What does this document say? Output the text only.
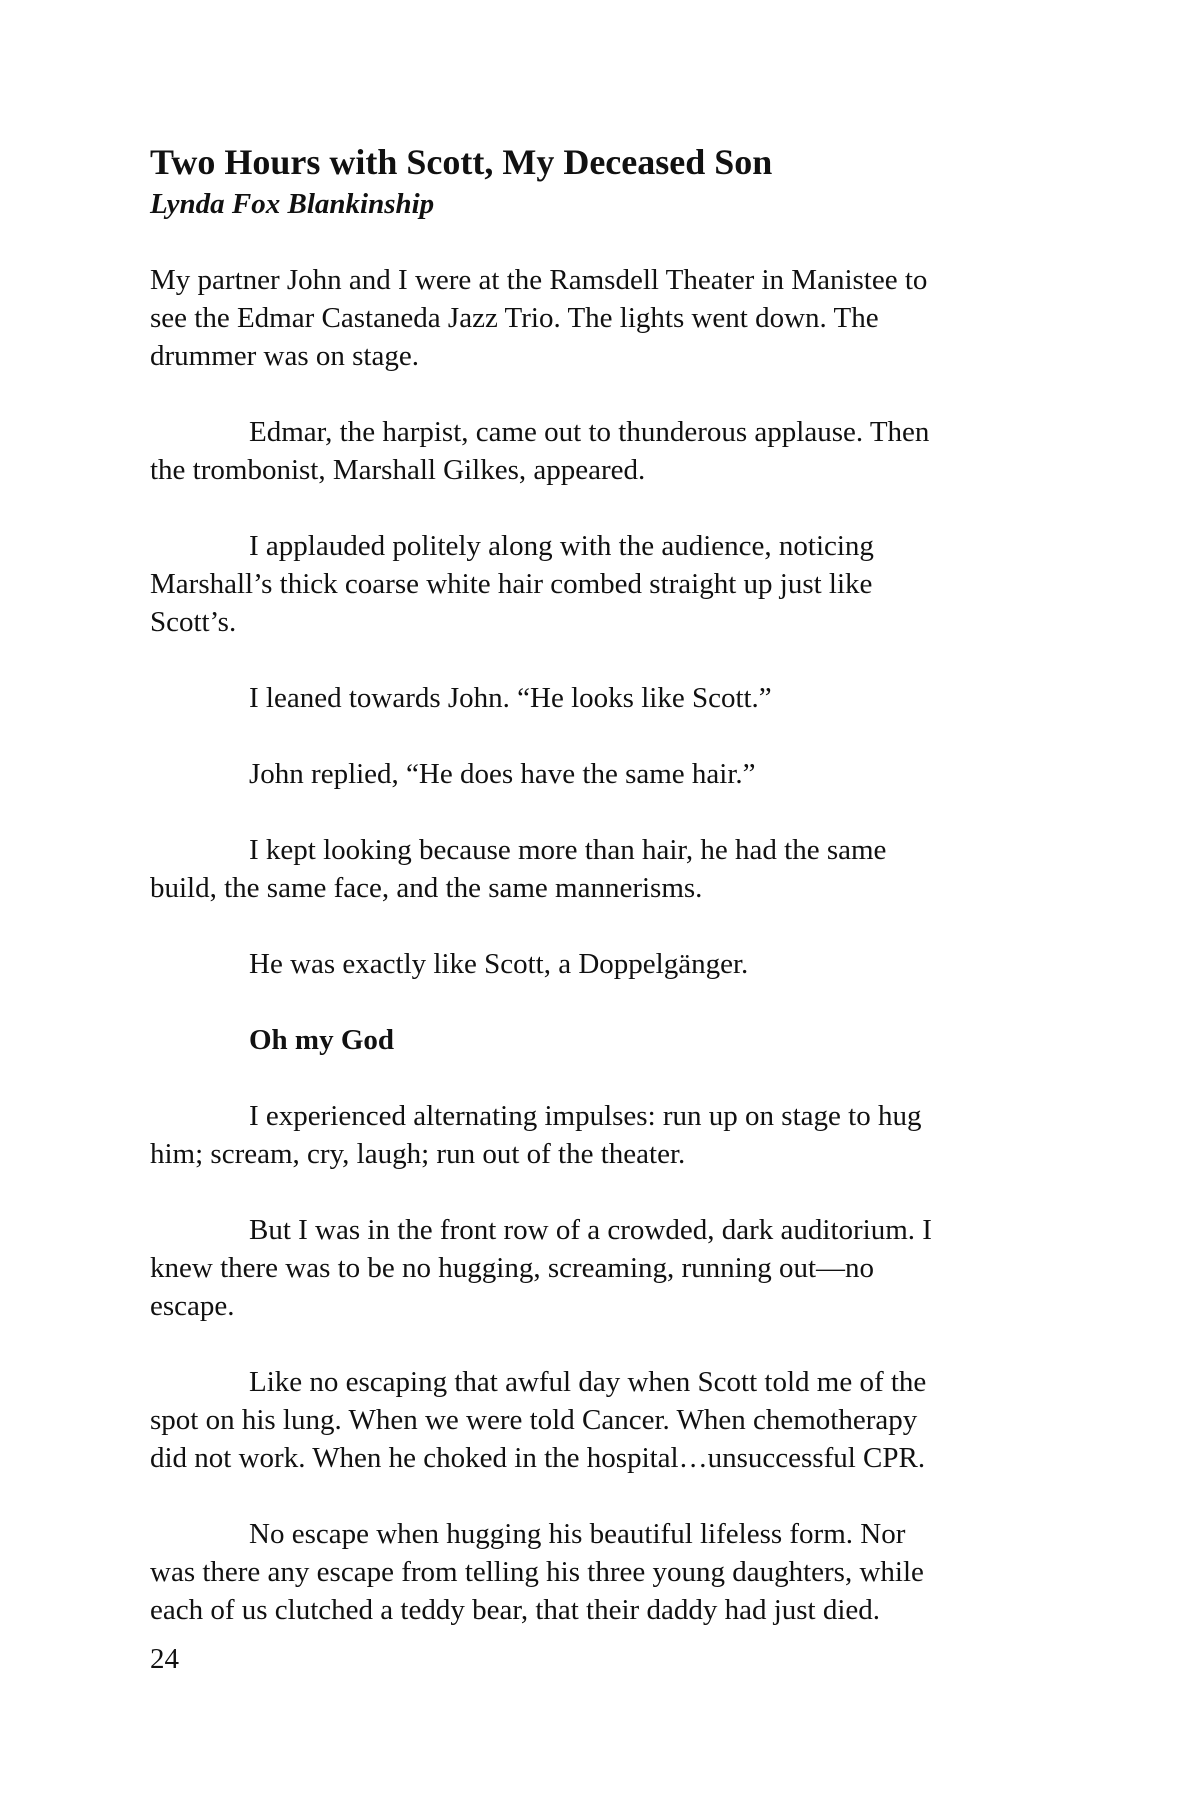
Two Hours with Scott, My Deceased Son

Lynda Fox Blankinship

My partner John and I were at the Ramsdell Theater in Manistee to
see the Edmar Castaneda Jazz Trio. The lights went down. The
drummer was on stage.

Edmar, the harpist, came out to thunderous applause. Then
the trombonist, Marshall Gilkes, appeared.

I applauded politely along with the audience, noticing
Marshall’s thick coarse white hair combed straight up just like
Scott’s.

I leaned towards John. “He looks like Scott.”

John replied, “He does have the same hair.”

I kept looking because more than hair, he had the same
build, the same face, and the same mannerisms.

He was exactly like Scott, a Doppelgänger.

Oh my God

I experienced alternating impulses: run up on stage to hug
him; scream, cry, laugh; run out of the theater.

But I was in the front row of a crowded, dark auditorium. I
knew there was to be no hugging, screaming, running out—no
escape.

Like no escaping that awful day when Scott told me of the
spot on his lung. When we were told Cancer. When chemotherapy
did not work. When he choked in the hospital…unsuccessful CPR.

No escape when hugging his beautiful lifeless form. Nor
was there any escape from telling his three young daughters, while
each of us clutched a teddy bear, that their daddy had just died.

24
